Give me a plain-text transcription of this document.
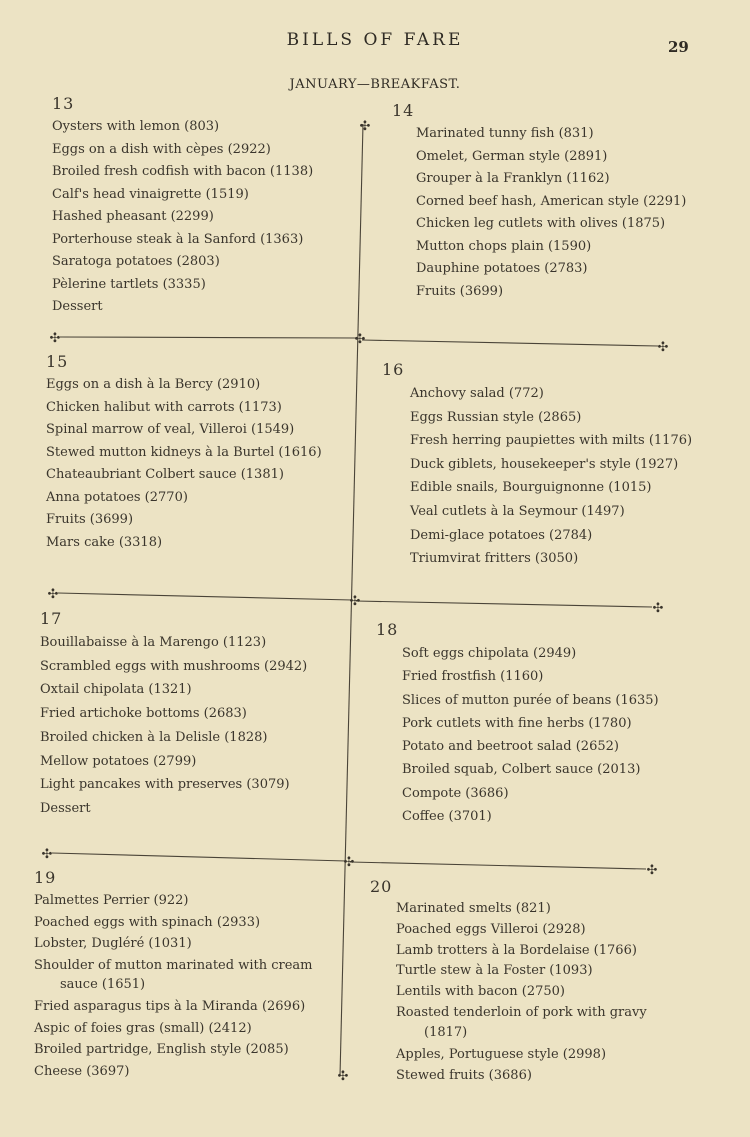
BILLS OF FARE	29
JANUARY—BREAKFAST.
✣
✣	✣
✣
✣	✣	✣
✣
✣
✣
✣
13
Oysters with lemon (803)
Eggs on a dish with cèpes (2922)
Broiled fresh codfish with bacon (1138)
Calf's head vinaigrette (1519)
Hashed pheasant (2299)
Porterhouse steak à la Sanford (1363)
Saratoga potatoes (2803)
Pèlerine tartlets (3335)
Dessert
14
Marinated tunny fish (831)
Omelet, German style (2891)
Grouper à la Franklyn (1162)
Corned beef hash, American style (2291)
Chicken leg cutlets with olives (1875)
Mutton chops plain (1590)
Dauphine potatoes (2783)
Fruits (3699)
15
Eggs on a dish à la Bercy (2910)
Chicken halibut with carrots (1173)
Spinal marrow of veal, Villeroi (1549)
Stewed mutton kidneys à la Burtel (1616)
Chateaubriant Colbert sauce (1381)
Anna potatoes (2770)
Fruits (3699)
Mars cake (3318)
16
Anchovy salad (772)
Eggs Russian style (2865)
Fresh herring paupiettes with milts (1176)
Duck giblets, housekeeper's style (1927)
Edible snails, Bourguignonne (1015)
Veal cutlets à la Seymour (1497)
Demi-glace potatoes (2784)
Triumvirat fritters (3050)
17
Bouillabaisse à la Marengo (1123)
Scrambled eggs with mushrooms (2942)
Oxtail chipolata (1321)
Fried artichoke bottoms (2683)
Broiled chicken à la Delisle (1828)
Mellow potatoes (2799)
Light pancakes with preserves (3079)
Dessert
18
Soft eggs chipolata (2949)
Fried frostfish (1160)
Slices of mutton purée of beans (1635)
Pork cutlets with fine herbs (1780)
Potato and beetroot salad (2652)
Broiled squab, Colbert sauce (2013)
Compote (3686)
Coffee (3701)
19
Palmettes Perrier (922)
Poached eggs with spinach (2933)
Lobster, Dugléré (1031)
Shoulder of mutton marinated with cream
sauce (1651)
Fried asparagus tips à la Miranda (2696)
Aspic of foies gras (small) (2412)
Broiled partridge, English style (2085)
Cheese (3697)
20
Marinated smelts (821)
Poached eggs Villeroi (2928)
Lamb trotters à la Bordelaise (1766)
Turtle stew à la Foster (1093)
Lentils with bacon (2750)
Roasted tenderloin of pork with gravy
(1817)
Apples, Portuguese style (2998)
Stewed fruits (3686)
